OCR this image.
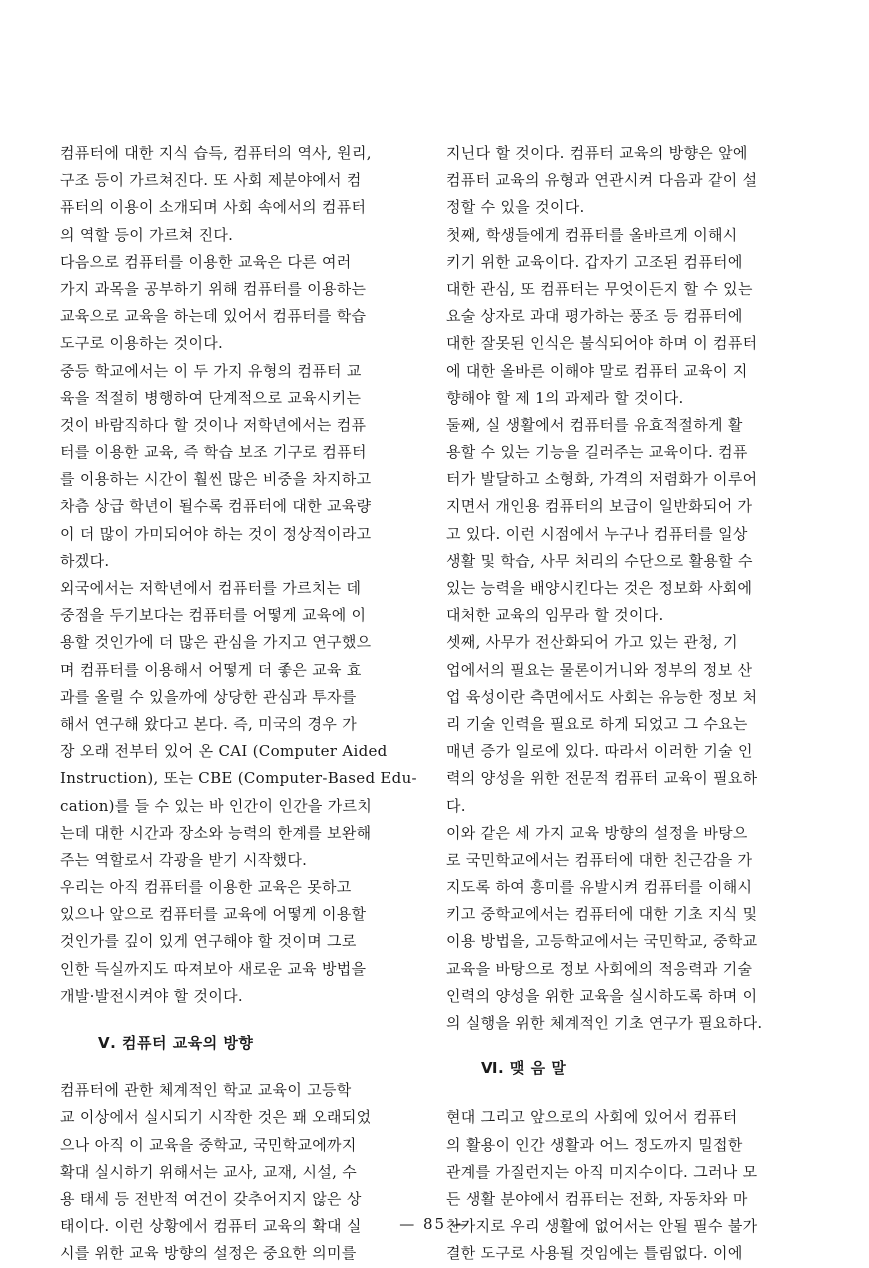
컴퓨터에 대한 지식 습득, 컴퓨터의 역사, 원리,
구조 등이 가르쳐진다. 또 사회 제분야에서 컴
퓨터의 이용이 소개되며 사회 속에서의 컴퓨터
의 역할 등이 가르쳐 진다.
다음으로 컴퓨터를 이용한 교육은 다른 여러
가지 과목을 공부하기 위해 컴퓨터를 이용하는
교육으로 교육을 하는데 있어서 컴퓨터를 학습
도구로 이용하는 것이다.
중등 학교에서는 이 두 가지 유형의 컴퓨터 교
육을 적절히 병행하여 단계적으로 교육시키는
것이 바람직하다 할 것이나 저학년에서는 컴퓨
터를 이용한 교육, 즉 학습 보조 기구로 컴퓨터
를 이용하는 시간이 훨씬 많은 비중을 차지하고
차츰 상급 학년이 될수록 컴퓨터에 대한 교육량
이 더 많이 가미되어야 하는 것이 정상적이라고
하겠다.
외국에서는 저학년에서 컴퓨터를 가르치는 데
중점을 두기보다는 컴퓨터를 어떻게 교육에 이
용할 것인가에 더 많은 관심을 가지고 연구했으
며 컴퓨터를 이용해서 어떻게 더 좋은 교육 효
과를 올릴 수 있을까에 상당한 관심과 투자를
해서 연구해 왔다고 본다. 즉, 미국의 경우 가
장 오래 전부터 있어 온 CAI (Computer Aided
Instruction), 또는 CBE (Computer-Based Edu-
cation)를 들 수 있는 바 인간이 인간을 가르치
는데 대한 시간과 장소와 능력의 한계를 보완해
주는 역할로서 각광을 받기 시작했다.
우리는 아직 컴퓨터를 이용한 교육은 못하고
있으나 앞으로 컴퓨터를 교육에 어떻게 이용할
것인가를 깊이 있게 연구해야 할 것이며 그로
인한 득실까지도 따져보아 새로운 교육 방법을
개발·발전시켜야 할 것이다.
Ⅴ. 컴퓨터 교육의 방향
컴퓨터에 관한 체계적인 학교 교육이 고등학
교 이상에서 실시되기 시작한 것은 꽤 오래되었
으나 아직 이 교육을 중학교, 국민학교에까지
확대 실시하기 위해서는 교사, 교재, 시설, 수
용 태세 등 전반적 여건이 갖추어지지 않은 상
태이다. 이런 상황에서 컴퓨터 교육의 확대 실
시를 위한 교육 방향의 설정은 중요한 의미를
지닌다 할 것이다. 컴퓨터 교육의 방향은 앞에
컴퓨터 교육의 유형과 연관시켜 다음과 같이 설
정할 수 있을 것이다.
첫째, 학생들에게 컴퓨터를 올바르게 이해시
키기 위한 교육이다. 갑자기 고조된 컴퓨터에
대한 관심, 또 컴퓨터는 무엇이든지 할 수 있는
요술 상자로 과대 평가하는 풍조 등 컴퓨터에
대한 잘못된 인식은 불식되어야 하며 이 컴퓨터
에 대한 올바른 이해야 말로 컴퓨터 교육이 지
향해야 할 제 1의 과제라 할 것이다.
둘째, 실 생활에서 컴퓨터를 유효적절하게 활
용할 수 있는 기능을 길러주는 교육이다. 컴퓨
터가 발달하고 소형화, 가격의 저렴화가 이루어
지면서 개인용 컴퓨터의 보급이 일반화되어 가
고 있다. 이런 시점에서 누구나 컴퓨터를 일상
생활 및 학습, 사무 처리의 수단으로 활용할 수
있는 능력을 배양시킨다는 것은 정보화 사회에
대처한 교육의 임무라 할 것이다.
셋째, 사무가 전산화되어 가고 있는 관청, 기
업에서의 필요는 물론이거니와 정부의 정보 산
업 육성이란 측면에서도 사회는 유능한 정보 처
리 기술 인력을 필요로 하게 되었고 그 수요는
매년 증가 일로에 있다. 따라서 이러한 기술 인
력의 양성을 위한 전문적 컴퓨터 교육이 필요하
다.
이와 같은 세 가지 교육 방향의 설정을 바탕으
로 국민학교에서는 컴퓨터에 대한 친근감을 가
지도록 하여 흥미를 유발시켜 컴퓨터를 이해시
키고 중학교에서는 컴퓨터에 대한 기초 지식 및
이용 방법을, 고등학교에서는 국민학교, 중학교
교육을 바탕으로 정보 사회에의 적응력과 기술
인력의 양성을 위한 교육을 실시하도록 하며 이
의 실행을 위한 체계적인 기초 연구가 필요하다.
Ⅵ. 맺 음 말
현대 그리고 앞으로의 사회에 있어서 컴퓨터
의 활용이 인간 생활과 어느 정도까지 밀접한
관계를 가질런지는 아직 미지수이다. 그러나 모
든 생활 분야에서 컴퓨터는 전화, 자동차와 마
찬가지로 우리 생활에 없어서는 안될 필수 불가
결한 도구로 사용될 것임에는 틀림없다. 이에
— 85 —
